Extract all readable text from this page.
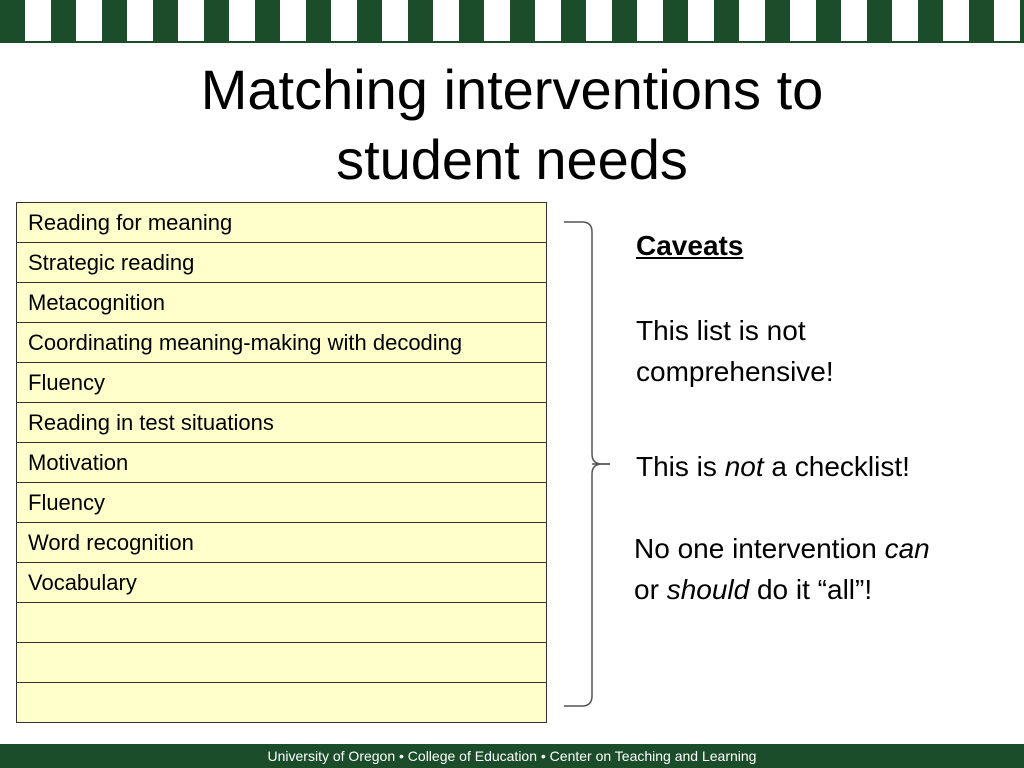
Matching interventions to
student needs
Reading for meaning
Strategic reading
Metacognition
Coordinating meaning-making with decoding
Fluency
Reading in test situations
Motivation
Fluency
Word recognition
Vocabulary

Caveats
This list is not
comprehensive!
This is not a checklist!
No one intervention can
or should do it “all”!
University of Oregon • College of Education • Center on Teaching and Learning
